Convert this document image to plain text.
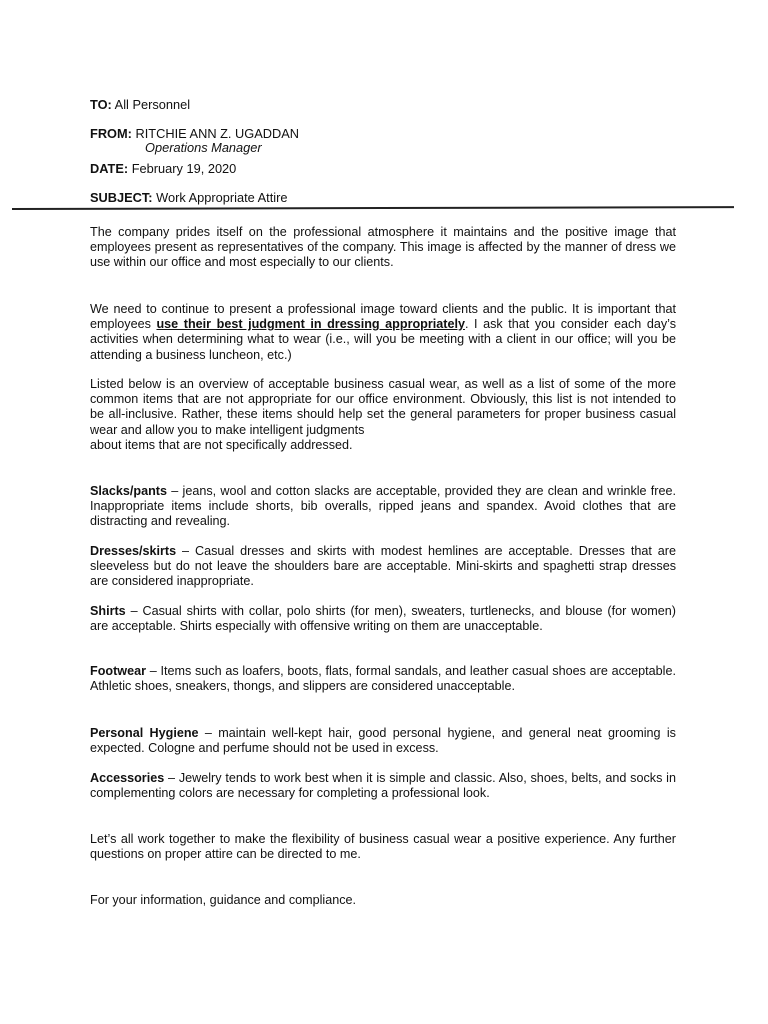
TO: All Personnel
FROM: RITCHIE ANN Z. UGADDAN
Operations Manager
DATE: February 19, 2020
SUBJECT: Work Appropriate Attire

The company prides itself on the professional atmosphere it maintains and the positive image that employees present as representatives of the company. This image is affected by the manner of dress we use within our office and most especially to our clients.

We need to continue to present a professional image toward clients and the public. It is important that employees use their best judgment in dressing appropriately. I ask that you consider each day’s activities when determining what to wear (i.e., will you be meeting with a client in our office; will you be attending a business luncheon, etc.)

Listed below is an overview of acceptable business casual wear, as well as a list of some of the more common items that are not appropriate for our office environment. Obviously, this list is not intended to be all-inclusive. Rather, these items should help set the general parameters for proper business casual wear and allow you to make intelligent judgments

about items that are not specifically addressed.

Slacks/pants – jeans, wool and cotton slacks are acceptable, provided they are clean and wrinkle free. Inappropriate items include shorts, bib overalls, ripped jeans and spandex. Avoid clothes that are distracting and revealing.

Dresses/skirts – Casual dresses and skirts with modest hemlines are acceptable. Dresses that are sleeveless but do not leave the shoulders bare are acceptable. Mini-skirts and spaghetti strap dresses are considered inappropriate.

Shirts – Casual shirts with collar, polo shirts (for men), sweaters, turtlenecks, and blouse (for women) are acceptable. Shirts especially with offensive writing on them are unacceptable.

Footwear – Items such as loafers, boots, flats, formal sandals, and leather casual shoes are acceptable. Athletic shoes, sneakers, thongs, and slippers are considered unacceptable.

Personal Hygiene – maintain well-kept hair, good personal hygiene, and general neat grooming is expected. Cologne and perfume should not be used in excess.

Accessories – Jewelry tends to work best when it is simple and classic. Also, shoes, belts, and socks in complementing colors are necessary for completing a professional look.

Let’s all work together to make the flexibility of business casual wear a positive experience. Any further questions on proper attire can be directed to me.

For your information, guidance and compliance.
